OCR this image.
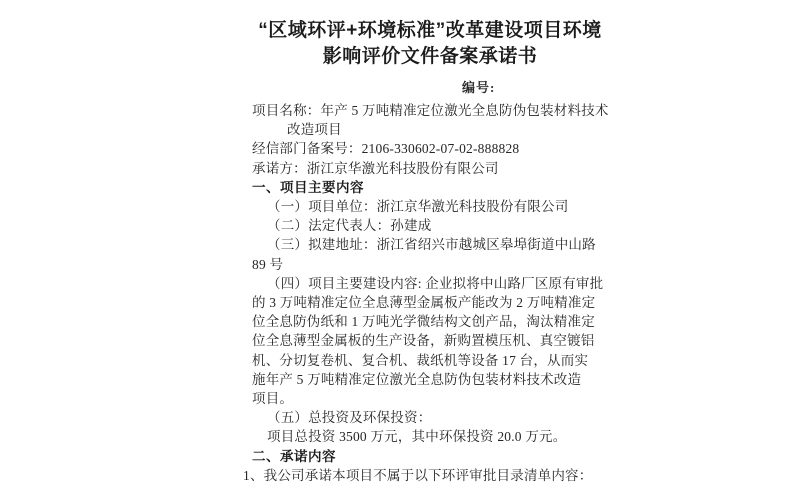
“区域环评+环境标准”改革建设项目环境
影响评价文件备案承诺书
编号:
项目名称：年产 5 万吨精准定位激光全息防伪包装材料技术
改造项目
经信部门备案号：2106-330602-07-02-888828
承诺方：浙江京华激光科技股份有限公司
一、项目主要内容
（一）项目单位：浙江京华激光科技股份有限公司
（二）法定代表人：孙建成
（三）拟建地址：浙江省绍兴市越城区皋埠街道中山路
89 号
（四）项目主要建设内容: 企业拟将中山路厂区原有审批
的 3 万吨精准定位全息薄型金属板产能改为 2 万吨精准定
位全息防伪纸和 1 万吨光学微结构文创产品，淘汰精准定
位全息薄型金属板的生产设备，新购置模压机、真空镀铝
机、分切复卷机、复合机、裁纸机等设备 17 台，从而实
施年产 5 万吨精准定位激光全息防伪包装材料技术改造
项目。
（五）总投资及环保投资：
项目总投资 3500 万元，其中环保投资 20.0 万元。
二、承诺内容
1、我公司承诺本项目不属于以下环评审批目录清单内容：
